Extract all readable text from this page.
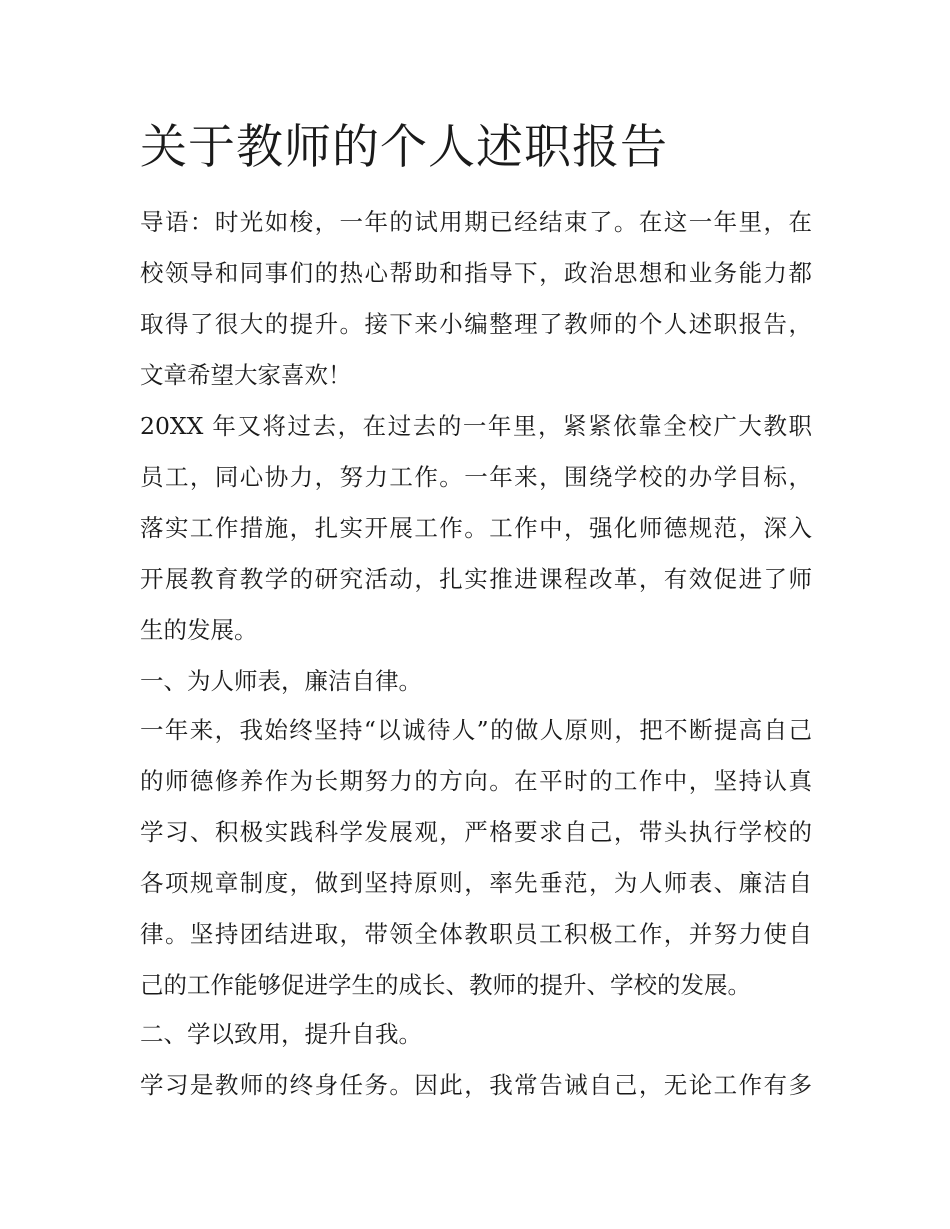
关于教师的个人述职报告

导语：时光如梭，一年的试用期已经结束了。在这一年里，在

校领导和同事们的热心帮助和指导下，政治思想和业务能力都

取得了很大的提升。接下来小编整理了教师的个人述职报告，

文章希望大家喜欢！

20XX 年又将过去，在过去的一年里，紧紧依靠全校广大教职

员工，同心协力，努力工作。一年来，围绕学校的办学目标，

落实工作措施，扎实开展工作。工作中，强化师德规范，深入

开展教育教学的研究活动，扎实推进课程改革，有效促进了师

生的发展。

一、为人师表，廉洁自律。

一年来，我始终坚持“以诚待人”的做人原则，把不断提高自己

的师德修养作为长期努力的方向。在平时的工作中，坚持认真

学习、积极实践科学发展观，严格要求自己，带头执行学校的

各项规章制度，做到坚持原则，率先垂范，为人师表、廉洁自

律。坚持团结进取，带领全体教职员工积极工作，并努力使自

己的工作能够促进学生的成长、教师的提升、学校的发展。

二、学以致用，提升自我。

学习是教师的终身任务。因此，我常告诫自己，无论工作有多
